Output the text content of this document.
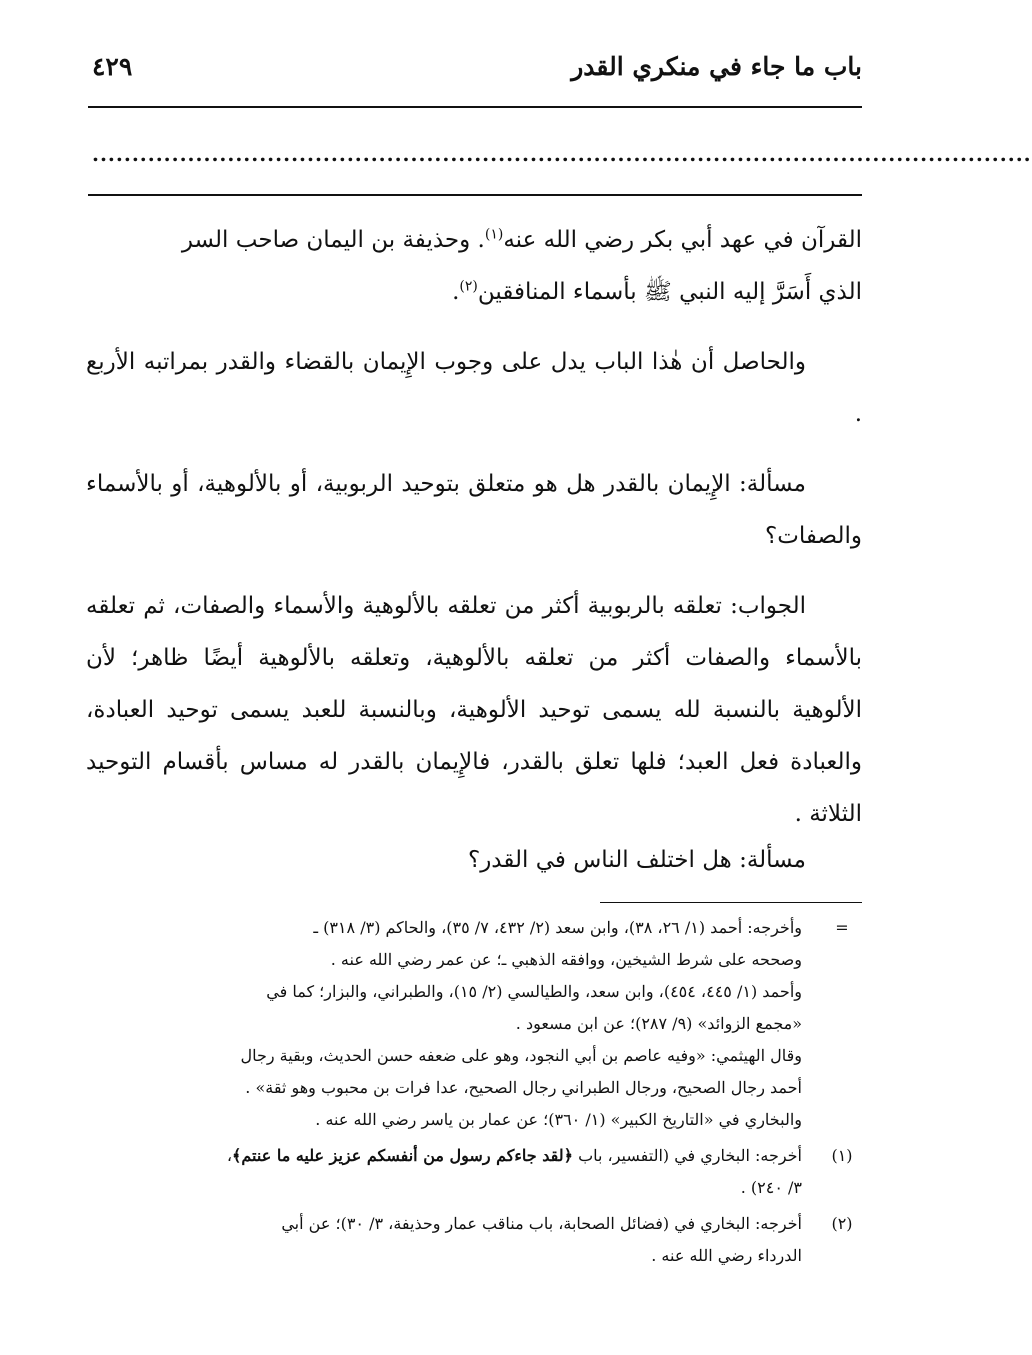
باب ما جاء في منكري القدر
٤٢٩
......................................................................................................................
القرآن في عهد أبي بكر رضي الله عنه$^{(١)}$. وحذيفة بن اليمان صاحب السر
الذي أَسَرَّ إليه النبي ﷺ بأسماء المنافقين$^{(٢)}$.

والحاصل أن هٰذا الباب يدل على وجوب الإِيمان بالقضاء والقدر بمراتبه الأربع .

مسألة: الإِيمان بالقدر هل هو متعلق بتوحيد الربوبية، أو بالألوهية، أو بالأسماء والصفات؟

الجواب: تعلقه بالربوبية أكثر من تعلقه بالألوهية والأسماء والصفات، ثم تعلقه بالأسماء والصفات أكثر من تعلقه بالألوهية، وتعلقه بالألوهية أيضًا ظاهر؛ لأن الألوهية بالنسبة لله يسمى توحيد الألوهية، وبالنسبة للعبد يسمى توحيد العبادة، والعبادة فعل العبد؛ فلها تعلق بالقدر، فالإِيمان بالقدر له مساس بأقسام التوحيد الثلاثة .

مسألة: هل اختلف الناس في القدر؟

=
وأخرجه: أحمد (١/ ٢٦، ٣٨)، وابن سعد (٢/ ٤٣٢، ٧/ ٣٥)، والحاكم (٣/ ٣١٨) ـ
وصححه على شرط الشيخين، ووافقه الذهبي ـ؛ عن عمر رضي الله عنه .
وأحمد (١/ ٤٤٥، ٤٥٤)، وابن سعد، والطيالسي (٢/ ١٥)، والطبراني، والبزار؛ كما في
«مجمع الزوائد» (٩/ ٢٨٧)؛ عن ابن مسعود .
وقال الهيثمي: «وفيه عاصم بن أبي النجود، وهو على ضعفه حسن الحديث، وبقية رجال
أحمد رجال الصحيح، ورجال الطبراني رجال الصحيح، عدا فرات بن محبوب وهو ثقة» .
والبخاري في «التاريخ الكبير» (١/ ٣٦٠)؛ عن عمار بن ياسر رضي الله عنه .
(١)
أخرجه: البخاري في (التفسير، باب ﴿لقد جاءكم رسول من أنفسكم عزيز عليه ما عنتم﴾،
٣/ ٢٤٠) .
(٢)
أخرجه: البخاري في (فضائل الصحابة، باب مناقب عمار وحذيفة، ٣/ ٣٠)؛ عن أبي
الدرداء رضي الله عنه .
